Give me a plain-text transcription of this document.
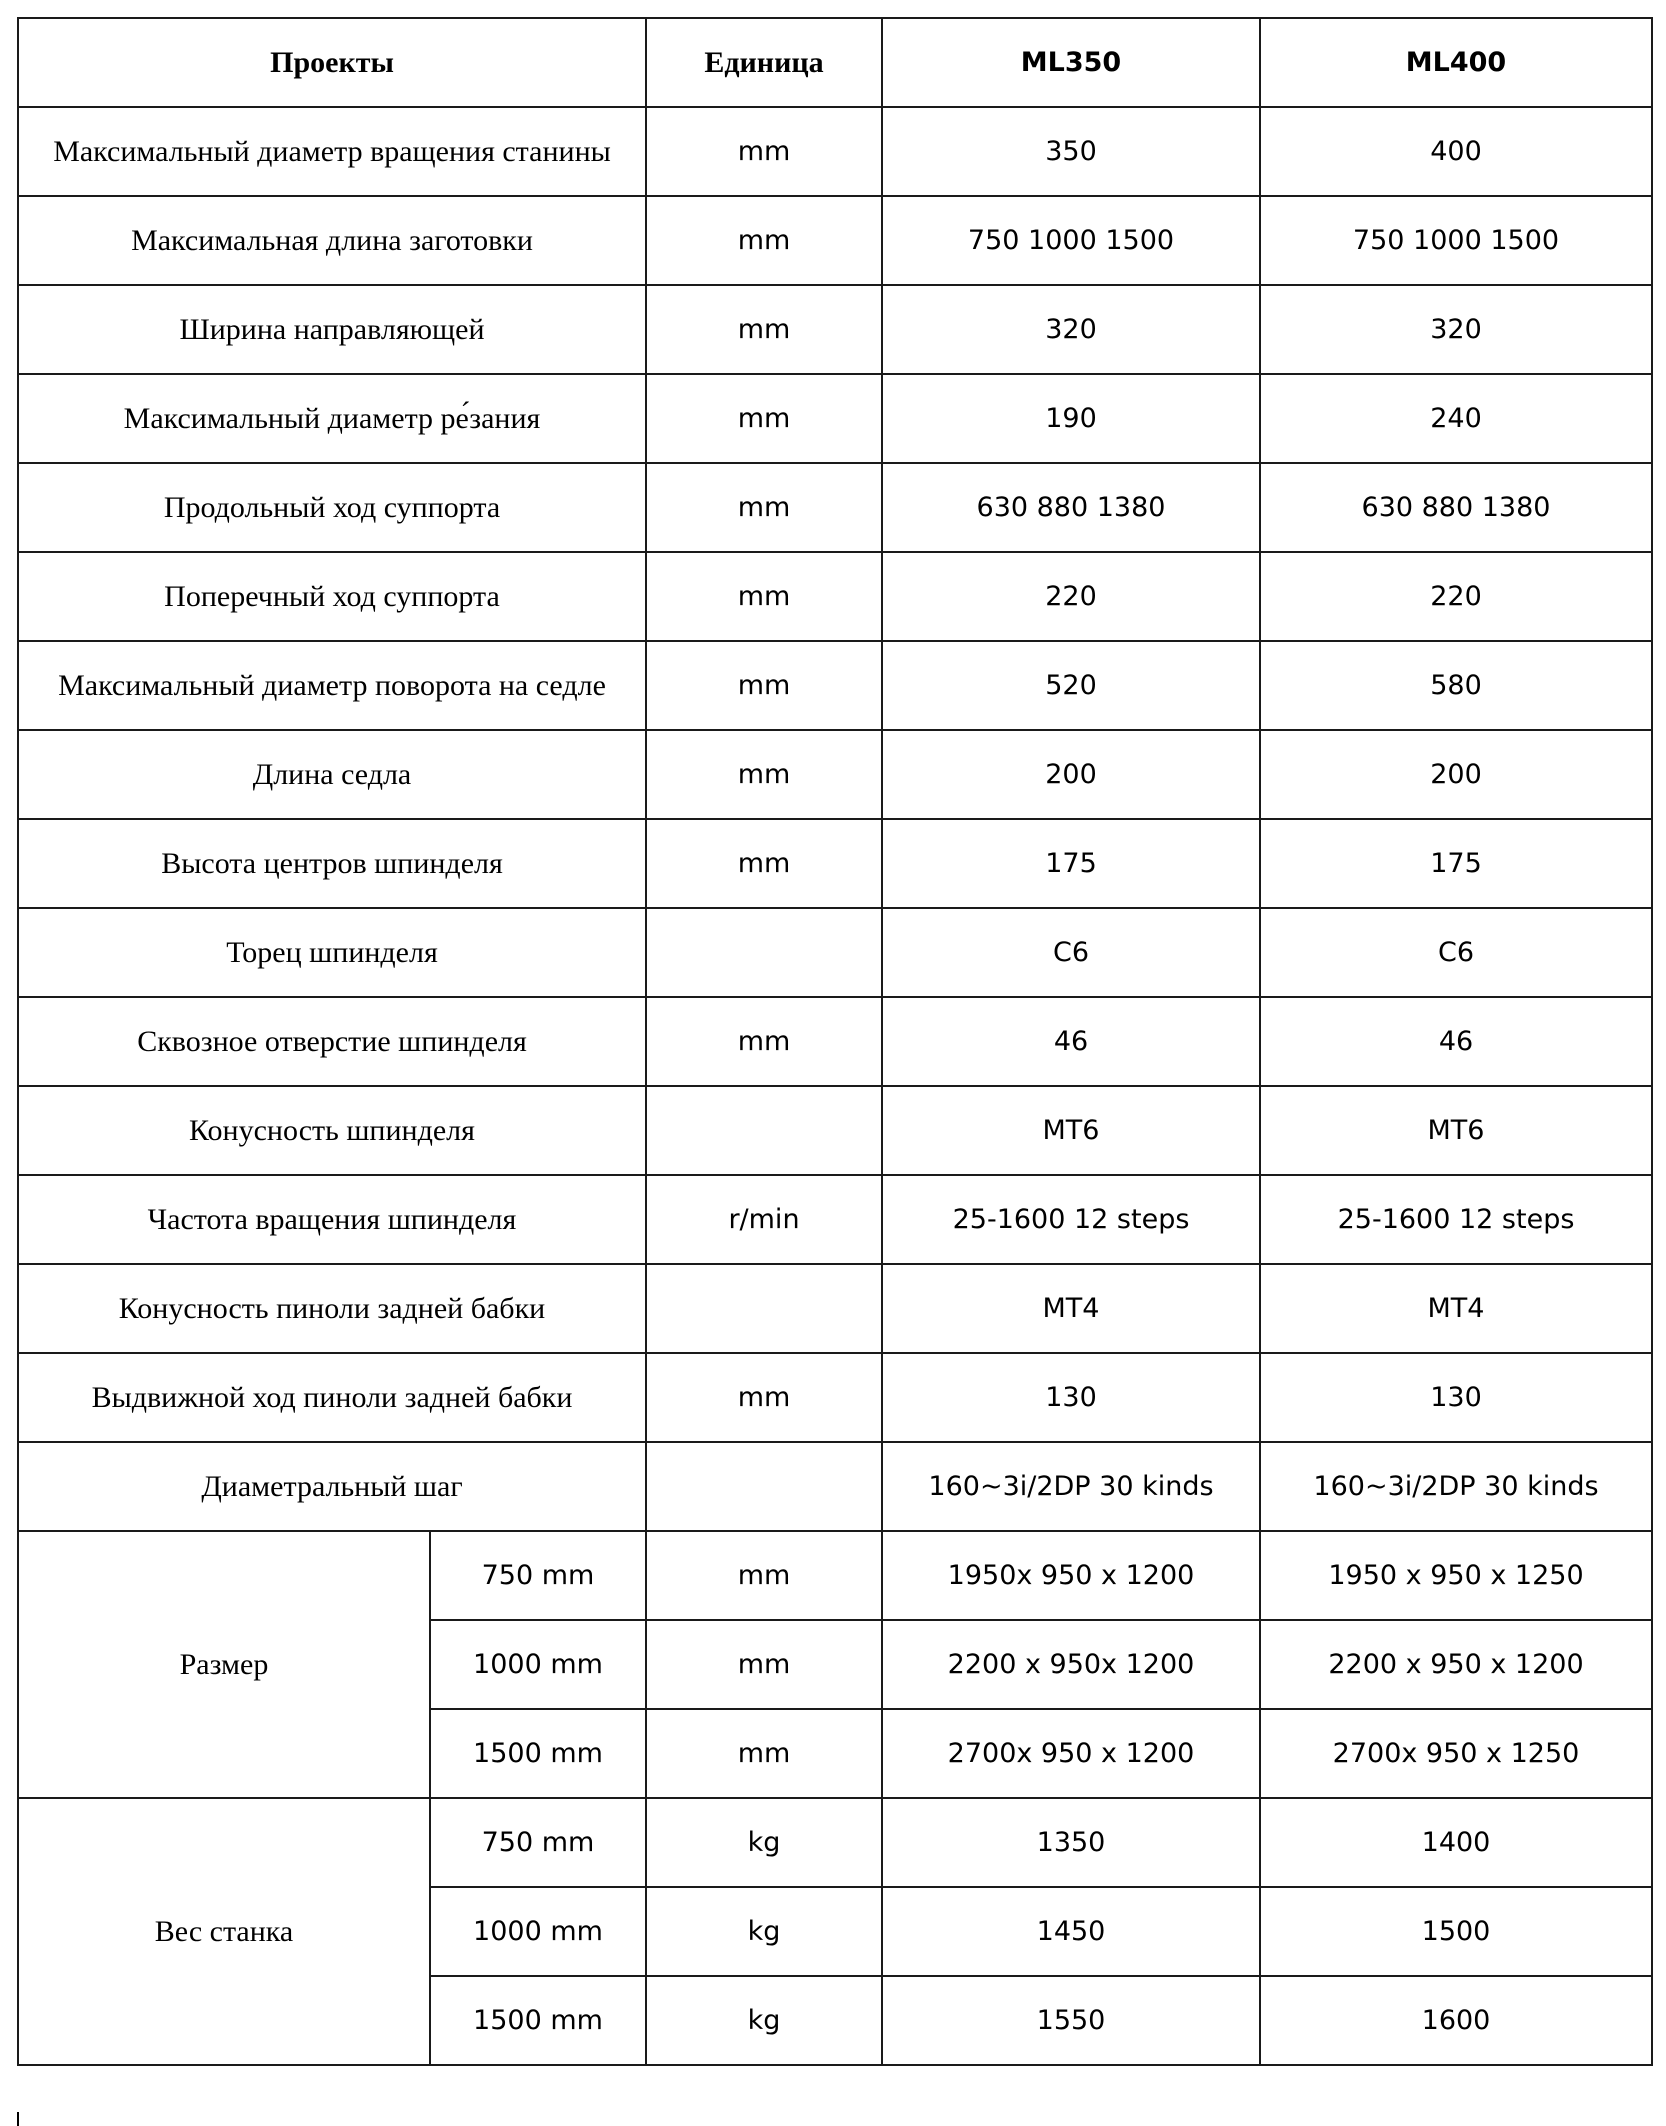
Проекты		Единица	ML350	ML400
Максимальный диаметр вращения станины		mm	350	400
Максимальная длина заготовки		mm	750 1000 1500	750 1000 1500
Ширина направляющей		mm	320	320
Максимальный диаметр ре́зания		mm	190	240
Продольный ход суппорта		mm	630 880 1380	630 880 1380
Поперечный ход суппорта		mm	220	220
Максимальный диаметр поворота на седле		mm	520	580
Длина седла		mm	200	200
Высота центров шпинделя		mm	175	175
Торец шпинделя			C6	C6
Сквозное отверстие шпинделя		mm	46	46
Конусность шпинделя			MT6	MT6
Частота вращения шпинделя		r/min	25-1600 12 steps	25-1600 12 steps
Конусность пиноли задней бабки			MT4	MT4
Выдвижной ход пиноли задней бабки		mm	130	130
Диаметральный шаг			160~3i/2DP 30 kinds	160~3i/2DP 30 kinds
Размер	750 mm	mm	1950x 950 x 1200	1950 x 950 x 1250
	1000 mm	mm	2200 x 950x 1200	2200 x 950 x 1200
	1500 mm	mm	2700x 950 x 1200	2700x 950 x 1250
Вес станка	750 mm	kg	1350	1400
	1000 mm	kg	1450	1500
	1500 mm	kg	1550	1600
